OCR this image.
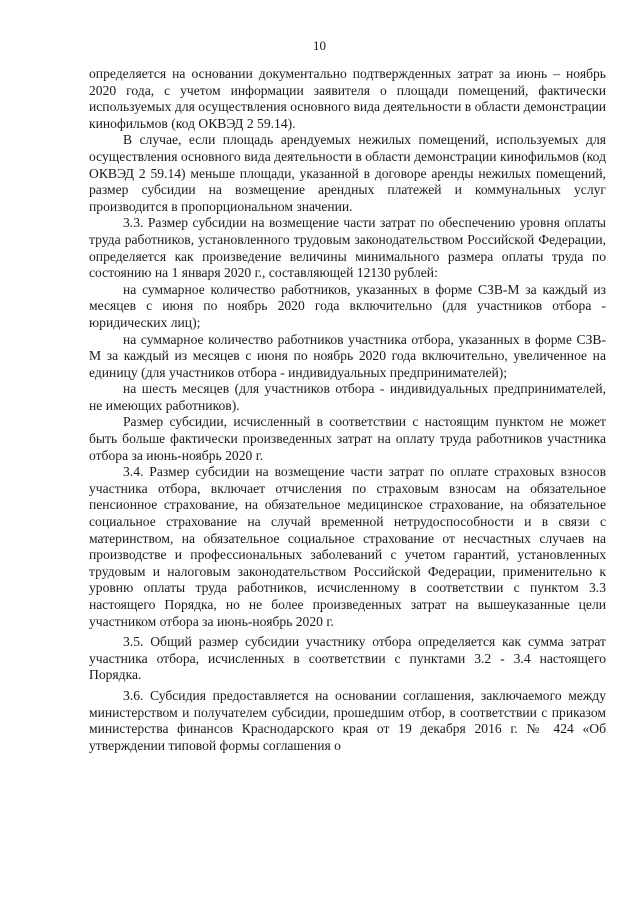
10

определяется на основании документально подтвержденных затрат за июнь – ноябрь 2020 года, с учетом информации заявителя о площади помещений, фактически используемых для осуществления основного вида деятельности в области демонстрации кинофильмов (код ОКВЭД 2 59.14).

В случае, если площадь арендуемых нежилых помещений, используемых для осуществления основного вида деятельности в области демонстрации кинофильмов (код ОКВЭД 2 59.14) меньше площади, указанной в договоре аренды нежилых помещений, размер субсидии на возмещение арендных платежей и коммунальных услуг производится в пропорциональном значении.

3.3. Размер субсидии на возмещение части затрат по обеспечению уровня оплаты труда работников, установленного трудовым законодательством Российской Федерации, определяется как произведение величины минимального размера оплаты труда по состоянию на 1 января 2020 г., составляющей 12130 рублей:

на суммарное количество работников, указанных в форме СЗВ-М за каждый из месяцев с июня по ноябрь 2020 года включительно (для участников отбора - юридических лиц);

на суммарное количество работников участника отбора, указанных в форме СЗВ-М за каждый из месяцев с июня по ноябрь 2020 года включительно, увеличенное на единицу (для участников отбора - индивидуальных предпринимателей);

на шесть месяцев (для участников отбора - индивидуальных предпринимателей, не имеющих работников).

Размер субсидии, исчисленный в соответствии с настоящим пунктом не может быть больше фактически произведенных затрат на оплату труда работников участника отбора за июнь-ноябрь 2020 г.

3.4. Размер субсидии на возмещение части затрат по оплате страховых взносов участника отбора, включает отчисления по страховым взносам на обязательное пенсионное страхование, на обязательное медицинское страхование, на обязательное социальное страхование на случай временной нетрудоспособности и в связи с материнством, на обязательное социальное страхование от несчастных случаев на производстве и профессиональных заболеваний с учетом гарантий, установленных трудовым и налоговым законодательством Российской Федерации, применительно к уровню оплаты труда работников, исчисленному в соответствии с пунктом 3.3 настоящего Порядка, но не более произведенных затрат на вышеуказанные цели участником отбора за июнь-ноябрь 2020 г.

3.5. Общий размер субсидии участнику отбора определяется как сумма затрат участника отбора, исчисленных в соответствии с пунктами 3.2 - 3.4 настоящего Порядка.

3.6. Субсидия предоставляется на основании соглашения, заключаемого между министерством и получателем субсидии, прошедшим отбор, в соответствии с приказом министерства финансов Краснодарского края от 19 декабря 2016 г. № 424 «Об утверждении типовой формы соглашения о
